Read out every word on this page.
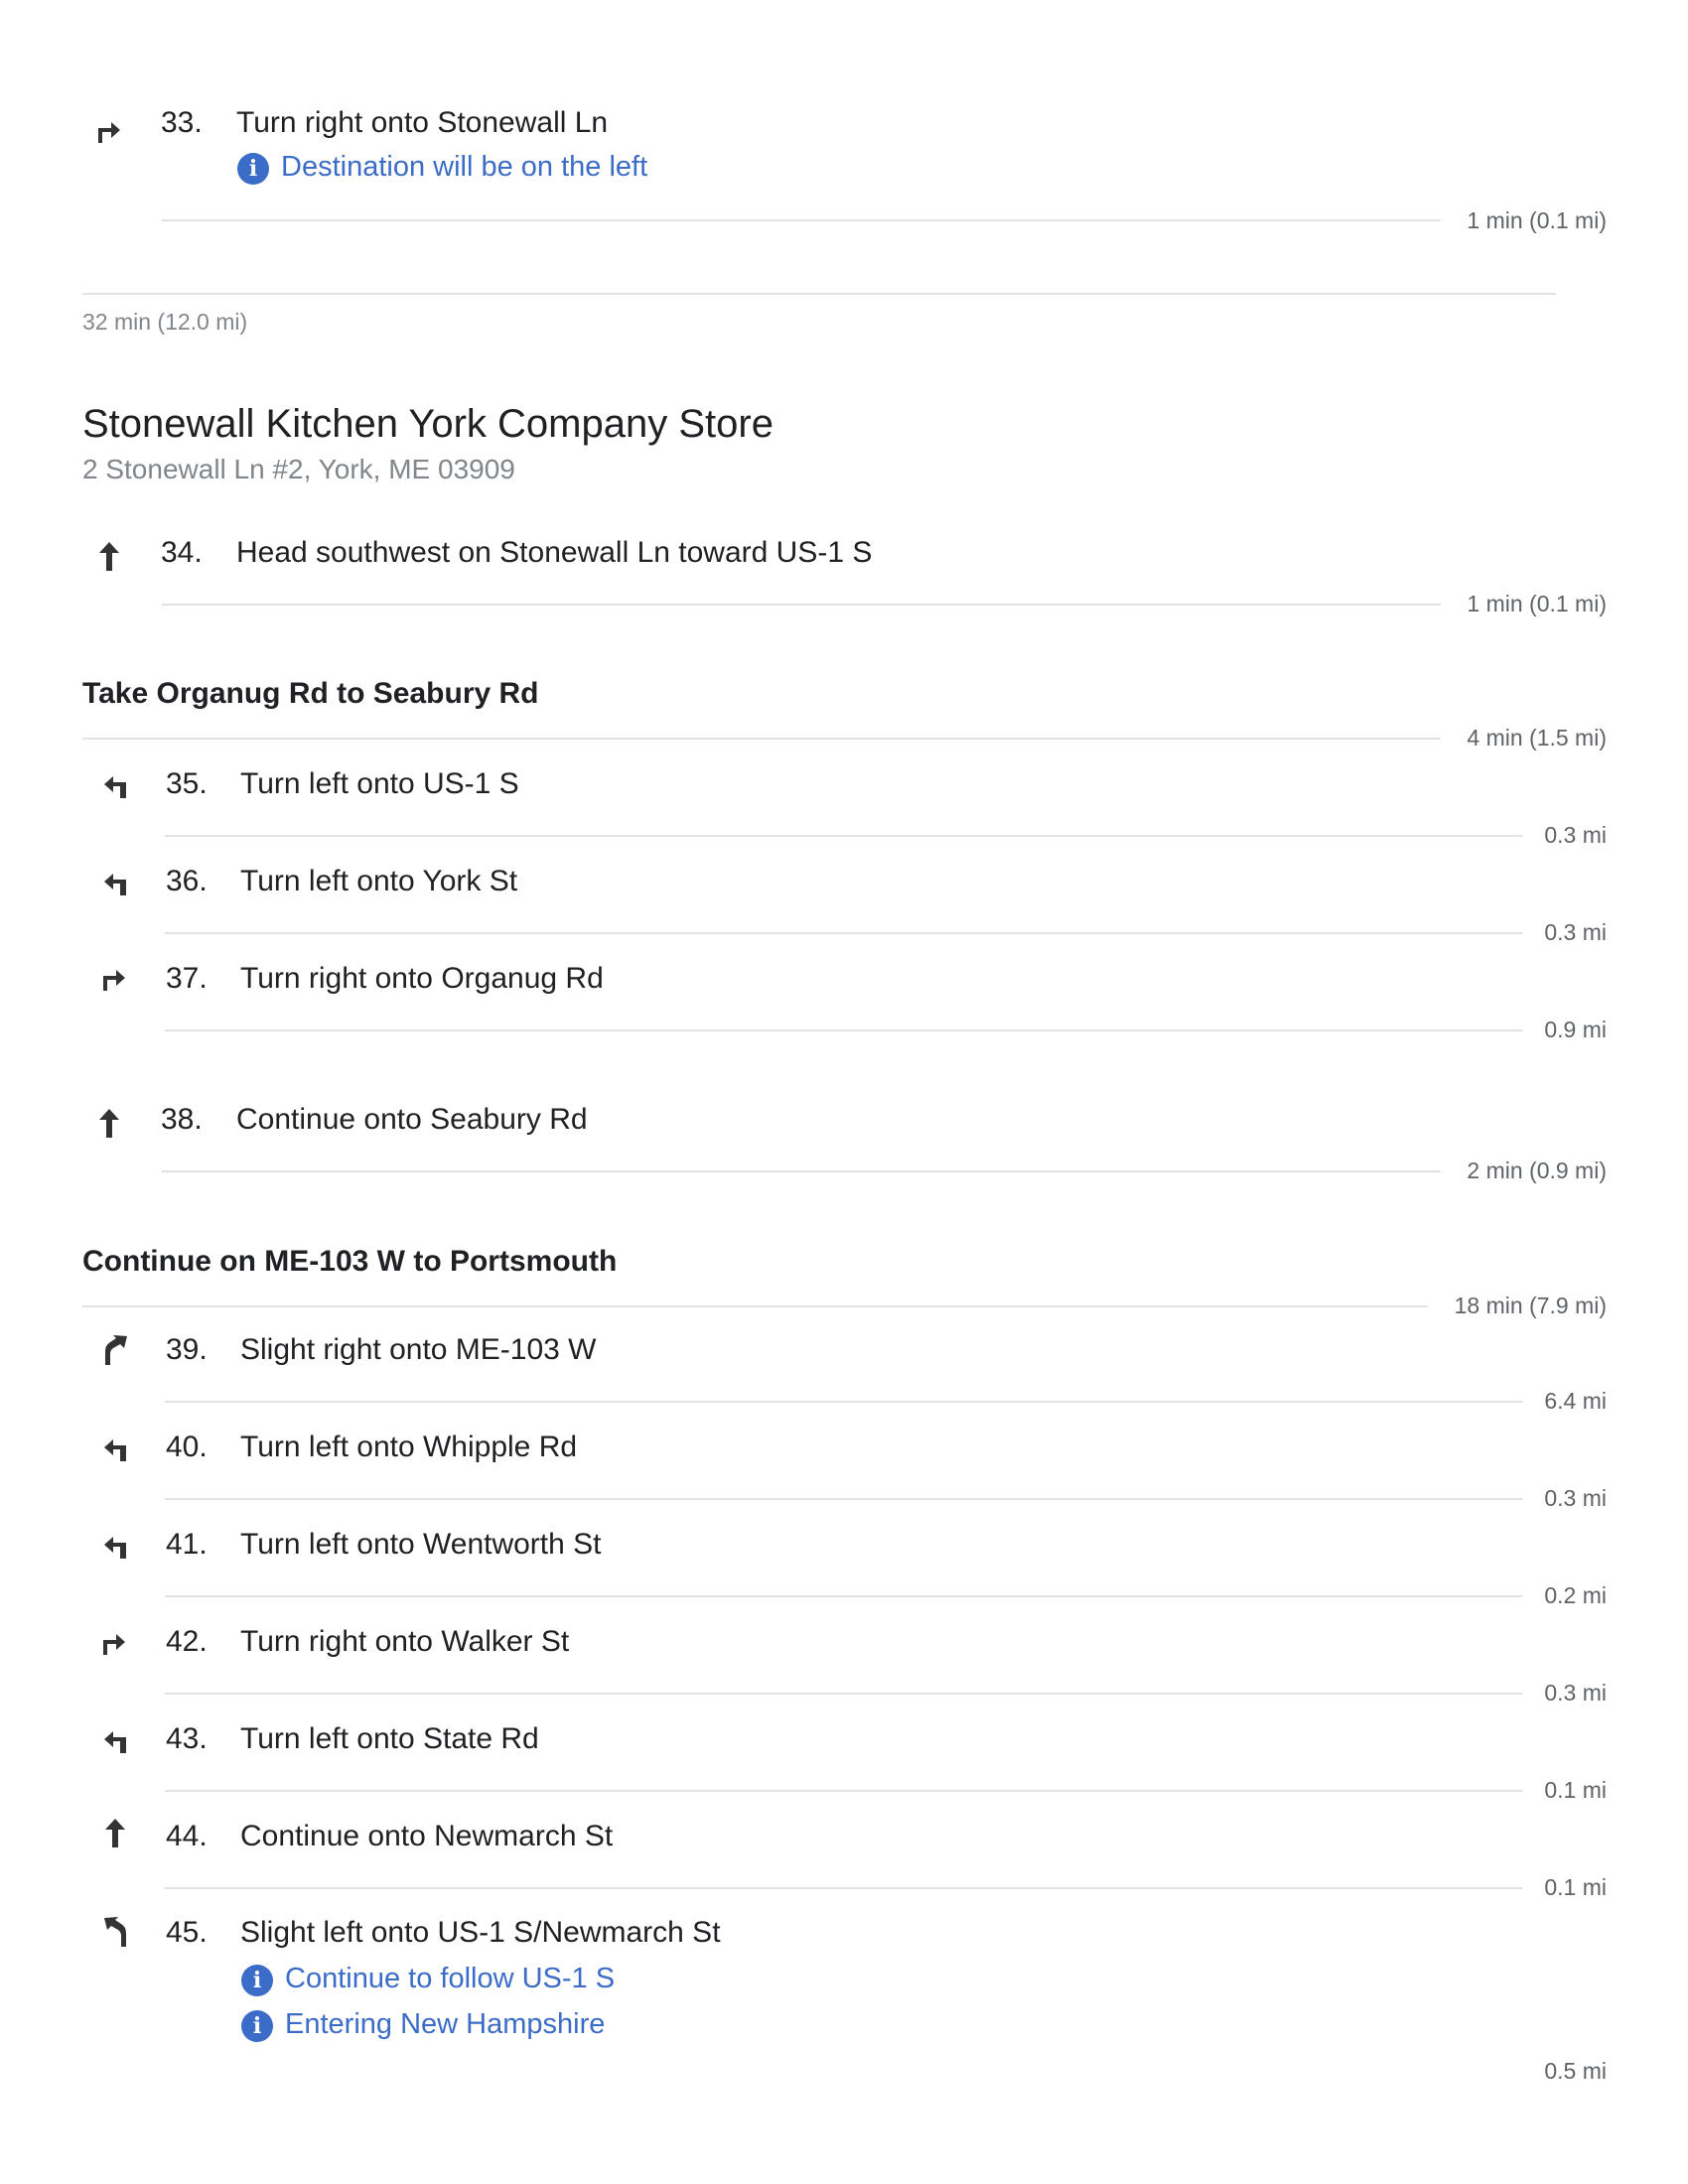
33. Turn right onto Stonewall Ln
i Destination will be on the left
1 min (0.1 mi)
32 min (12.0 mi)
Stonewall Kitchen York Company Store
2 Stonewall Ln #2, York, ME 03909
34. Head southwest on Stonewall Ln toward US-1 S
1 min (0.1 mi)
Take Organug Rd to Seabury Rd
4 min (1.5 mi)
35. Turn left onto US-1 S
0.3 mi
36. Turn left onto York St
0.3 mi
37. Turn right onto Organug Rd
0.9 mi
38. Continue onto Seabury Rd
2 min (0.9 mi)
Continue on ME-103 W to Portsmouth
18 min (7.9 mi)
39. Slight right onto ME-103 W
6.4 mi
40. Turn left onto Whipple Rd
0.3 mi
41. Turn left onto Wentworth St
0.2 mi
42. Turn right onto Walker St
0.3 mi
43. Turn left onto State Rd
0.1 mi
44. Continue onto Newmarch St
0.1 mi
45. Slight left onto US-1 S/Newmarch St
i Continue to follow US-1 S
i Entering New Hampshire
0.5 mi
